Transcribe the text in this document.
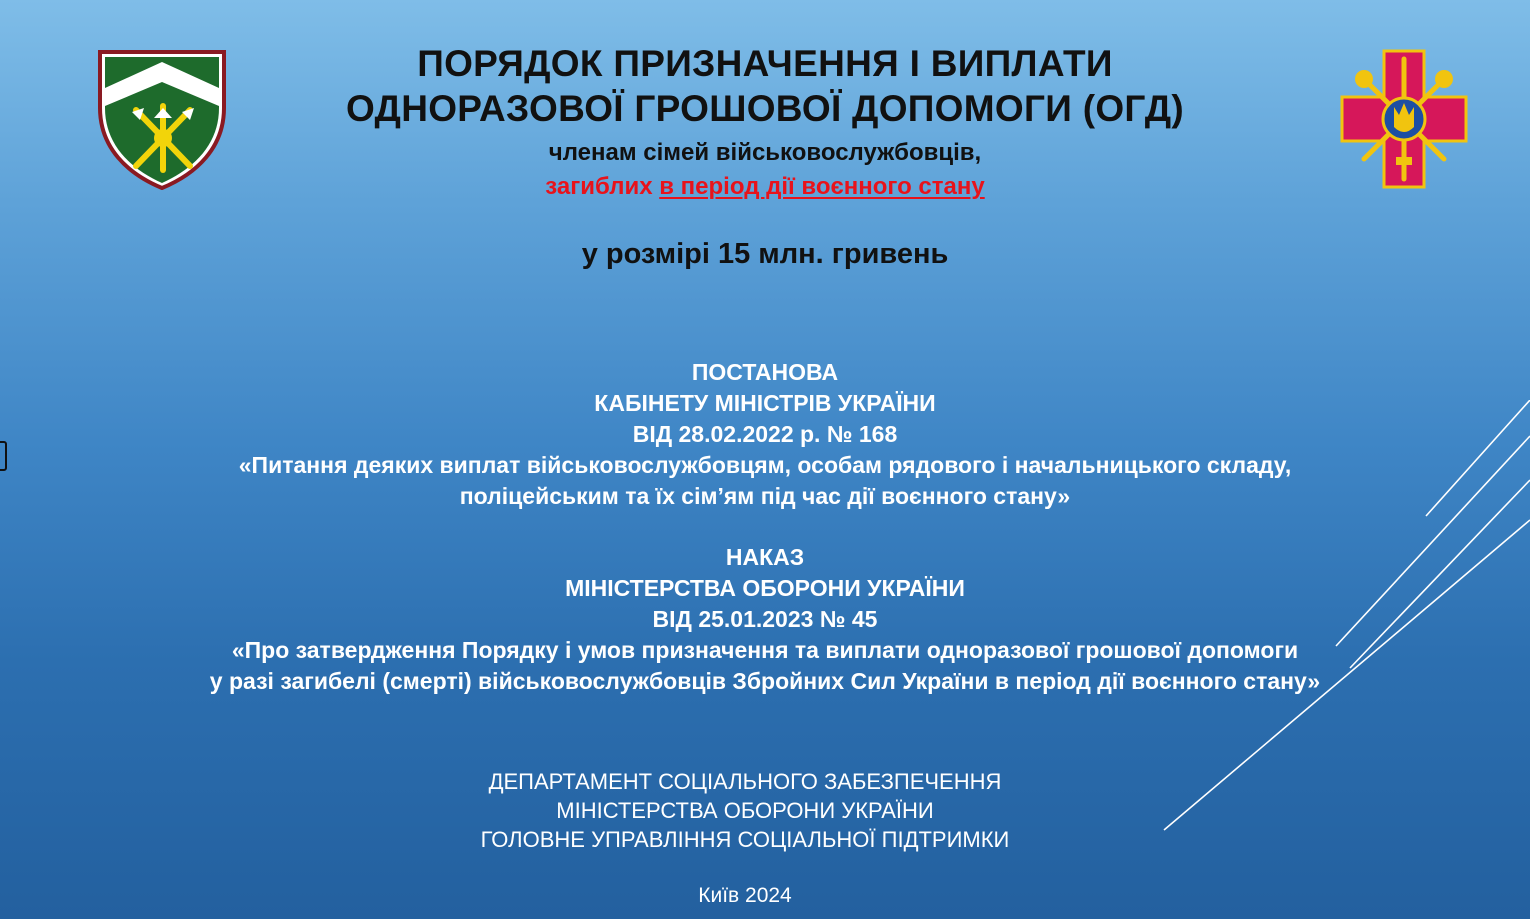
ПОРЯДОК ПРИЗНАЧЕННЯ І ВИПЛАТИ
ОДНОРАЗОВОЇ ГРОШОВОЇ ДОПОМОГИ (ОГД)
членам сімей військовослужбовців,
загиблих в період дії воєнного стану
у розмірі 15 млн. гривень
ПОСТАНОВА
КАБІНЕТУ МІНІСТРІВ УКРАЇНИ
ВІД 28.02.2022 р. № 168
«Питання деяких виплат військовослужбовцям, особам рядового і начальницького складу,
поліцейським та їх сім’ям під час дії воєнного стану»
НАКАЗ
МІНІСТЕРСТВА ОБОРОНИ УКРАЇНИ
ВІД 25.01.2023 № 45
«Про затвердження Порядку і умов призначення та виплати одноразової грошової допомоги
у разі загибелі (смерті) військовослужбовців Збройних Сил України в період дії воєнного стану»
ДЕПАРТАМЕНТ СОЦІАЛЬНОГО ЗАБЕЗПЕЧЕННЯ
МІНІСТЕРСТВА ОБОРОНИ УКРАЇНИ
ГОЛОВНЕ УПРАВЛІННЯ СОЦІАЛЬНОЇ ПІДТРИМКИ
Київ 2024
